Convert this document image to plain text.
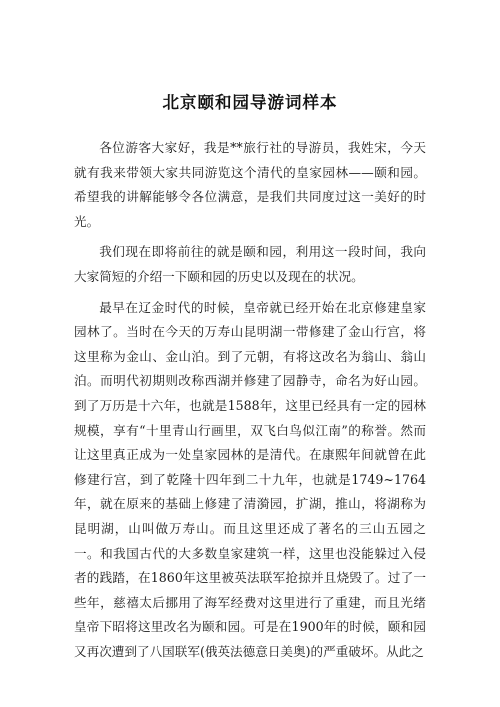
北京颐和园导游词样本

各位游客大家好，我是**旅行社的导游员，我姓宋，今天就有我来带领大家共同游览这个清代的皇家园林——颐和园。希望我的讲解能够令各位满意，是我们共同度过这一美好的时光。

我们现在即将前往的就是颐和园，利用这一段时间，我向大家简短的介绍一下颐和园的历史以及现在的状况。

最早在辽金时代的时候，皇帝就已经开始在北京修建皇家园林了。当时在今天的万寿山昆明湖一带修建了金山行宫，将这里称为金山、金山泊。到了元朝，有将这改名为翁山、翁山泊。而明代初期则改称西湖并修建了园静寺，命名为好山园。到了万历是十六年，也就是1588年，这里已经具有一定的园林规模，享有“十里青山行画里，双飞白鸟似江南”的称誉。然而让这里真正成为一处皇家园林的是清代。在康熙年间就曾在此修建行宫，到了乾隆十四年到二十九年，也就是1749~1764年，就在原来的基础上修建了清漪园，扩湖，推山，将湖称为昆明湖，山叫做万寿山。而且这里还成了著名的三山五园之一。和我国古代的大多数皇家建筑一样，这里也没能躲过入侵者的践踏，在1860年这里被英法联军抢掠并且烧毁了。过了一些年，慈禧太后挪用了海军经费对这里进行了重建，而且光绪皇帝下昭将这里改名为颐和园。可是在1900年的时候，颐和园又再次遭到了八国联军(俄英法德意日美奥)的严重破坏。从此之
